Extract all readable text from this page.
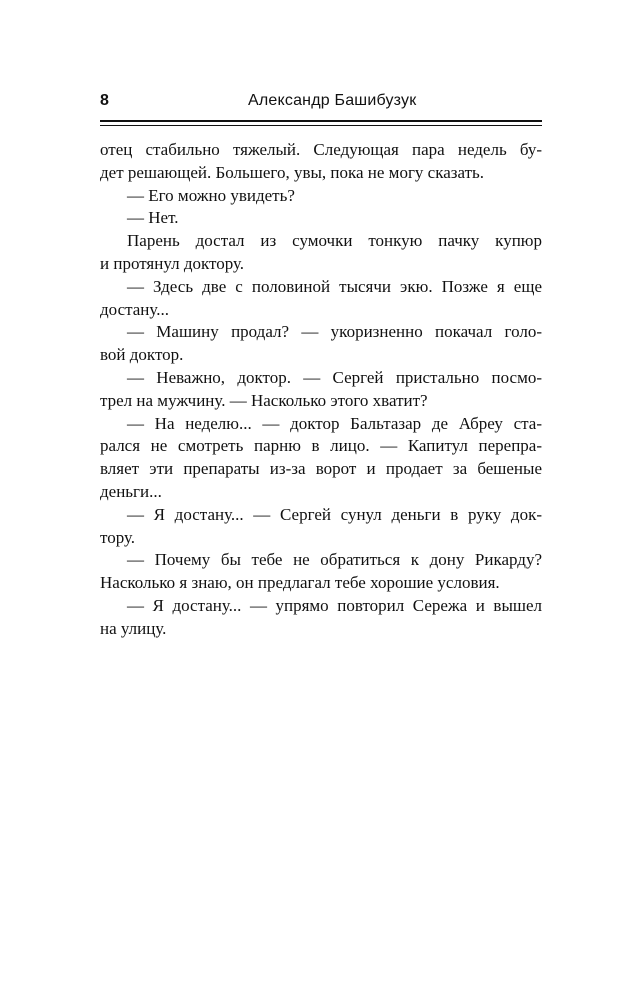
8	Александр Башибузук
отец стабильно тяжелый. Следующая пара недель бу-
дет решающей. Большего, увы, пока не могу сказать.
— Его можно увидеть?
— Нет.
Парень достал из сумочки тонкую пачку купюр
и протянул доктору.
— Здесь две с половиной тысячи экю. Позже я еще
достану...
— Машину продал? — укоризненно покачал голо-
вой доктор.
— Неважно, доктор. — Сергей пристально посмо-
трел на мужчину. — Насколько этого хватит?
— На неделю... — доктор Бальтазар де Абреу ста-
рался не смотреть парню в лицо. — Капитул перепра-
вляет эти препараты из-за ворот и продает за бешеные
деньги...
— Я достану... — Сергей сунул деньги в руку док-
тору.
— Почему бы тебе не обратиться к дону Рикарду?
Насколько я знаю, он предлагал тебе хорошие условия.
— Я достану... — упрямо повторил Сережа и вышел
на улицу.
